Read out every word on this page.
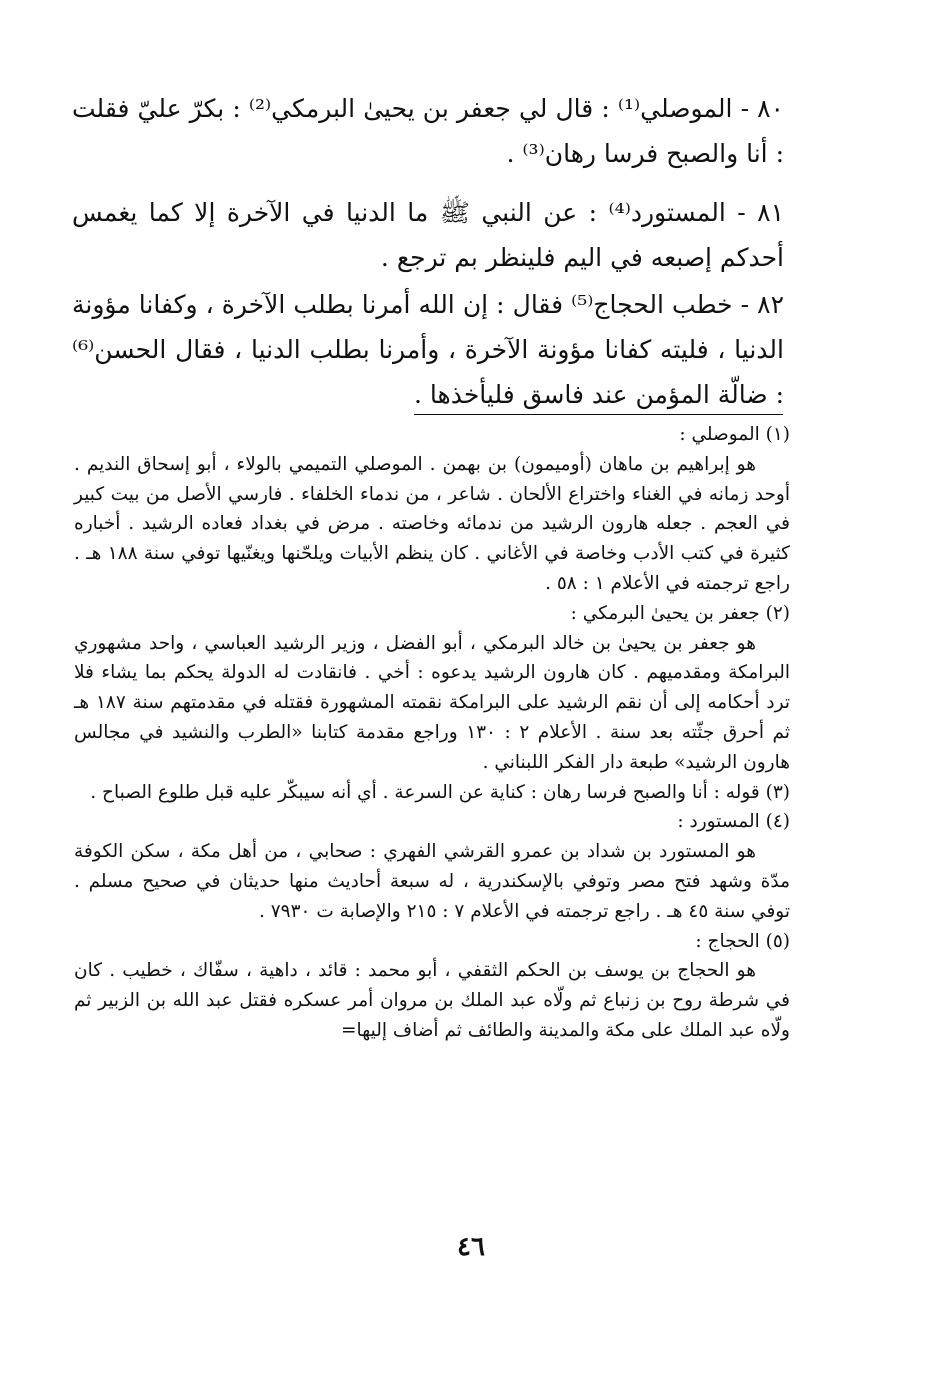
٨٠ - الموصلي⁽¹⁾ : قال لي جعفر بن يحيىٰ البرمكي⁽²⁾ : بكرّ عليّ فقلت : أنا والصبح فرسا رهان⁽³⁾ .

٨١ - المستورد⁽⁴⁾ : عن النبي ﷺ ما الدنيا في الآخرة إلا كما يغمس أحدكم إصبعه في اليم فلينظر بم ترجع .

٨٢ - خطب الحجاج⁽⁵⁾ فقال : إن الله أمرنا بطلب الآخرة ، وكفانا مؤونة الدنيا ، فليته كفانا مؤونة الآخرة ، وأمرنا بطلب الدنيا ، فقال الحسن⁽⁶⁾ : ضالّة المؤمن عند فاسق فليأخذها .

(١) الموصلي :

هو إبراهيم بن ماهان (أوميمون) بن بهمن . الموصلي التميمي بالولاء ، أبو إسحاق النديم . أوحد زمانه في الغناء واختراع الألحان . شاعر ، من ندماء الخلفاء . فارسي الأصل من بيت كبير في العجم . جعله هارون الرشيد من ندمائه وخاصته . مرض في بغداد فعاده الرشيد . أخباره كثيرة في كتب الأدب وخاصة في الأغاني . كان ينظم الأبيات ويلحّنها ويغنّيها توفي سنة ١٨٨ هـ . راجع ترجمته في الأعلام ١ : ٥٨ .

(٢) جعفر بن يحيىٰ البرمكي :

هو جعفر بن يحيىٰ بن خالد البرمكي ، أبو الفضل ، وزير الرشيد العباسي ، واحد مشهوري البرامكة ومقدميهم . كان هارون الرشيد يدعوه : أخي . فانقادت له الدولة يحكم بما يشاء فلا ترد أحكامه إلى أن نقم الرشيد على البرامكة نقمته المشهورة فقتله في مقدمتهم سنة ١٨٧ هـ ثم أحرق جثّته بعد سنة . الأعلام ٢ : ١٣٠ وراجع مقدمة كتابنا «الطرب والنشيد في مجالس هارون الرشيد» طبعة دار الفكر اللبناني .

(٣) قوله : أنا والصبح فرسا رهان : كناية عن السرعة . أي أنه سيبكّر عليه قبل طلوع الصباح .

(٤) المستورد :

هو المستورد بن شداد بن عمرو القرشي الفهري : صحابي ، من أهل مكة ، سكن الكوفة مدّة وشهد فتح مصر وتوفي بالإسكندرية ، له سبعة أحاديث منها حديثان في صحيح مسلم . توفي سنة ٤٥ هـ . راجع ترجمته في الأعلام ٧ : ٢١٥ والإصابة ت ٧٩٣٠ .

(٥) الحجاج :

هو الحجاج بن يوسف بن الحكم الثقفي ، أبو محمد : قائد ، داهية ، سفّاك ، خطيب . كان في شرطة روح بن زنباع ثم ولّاه عبد الملك بن مروان أمر عسكره فقتل عبد الله بن الزبير ثم ولّاه عبد الملك على مكة والمدينة والطائف ثم أضاف إليها=

٤٦
